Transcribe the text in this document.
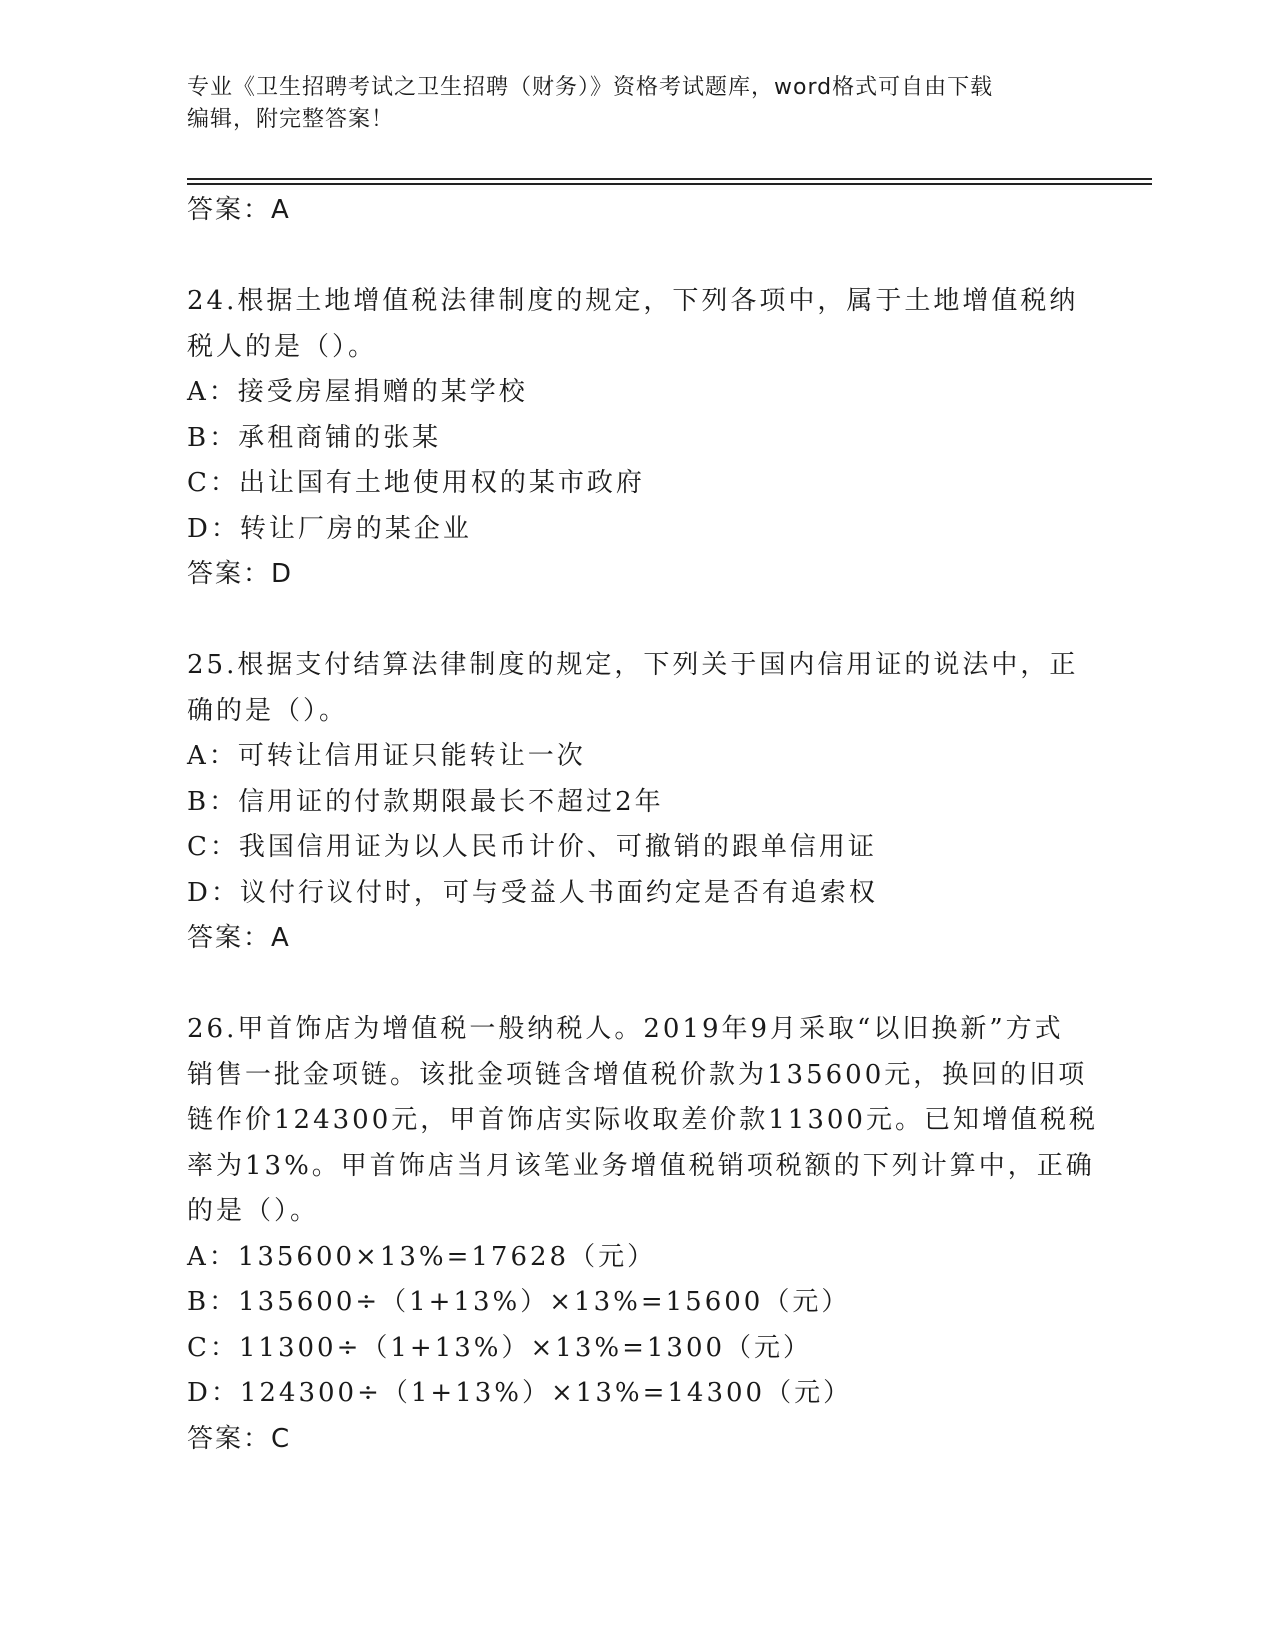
专业《卫生招聘考试之卫生招聘（财务）》资格考试题库，word格式可自由下载
编辑，附完整答案！
答案：A
24.根据土地增值税法律制度的规定，下列各项中，属于土地增值税纳
税人的是（）。
A：接受房屋捐赠的某学校
B：承租商铺的张某
C：出让国有土地使用权的某市政府
D：转让厂房的某企业
答案：D
25.根据支付结算法律制度的规定，下列关于国内信用证的说法中，正
确的是（）。
A：可转让信用证只能转让一次
B：信用证的付款期限最长不超过2年
C：我国信用证为以人民币计价、可撤销的跟单信用证
D：议付行议付时，可与受益人书面约定是否有追索权
答案：A
26.甲首饰店为增值税一般纳税人。2019年9月采取“以旧换新”方式
销售一批金项链。该批金项链含增值税价款为135600元，换回的旧项
链作价124300元，甲首饰店实际收取差价款11300元。已知增值税税
率为13%。甲首饰店当月该笔业务增值税销项税额的下列计算中，正确
的是（）。
A：135600×13%=17628（元）
B：135600÷（1+13%）×13%=15600（元）
C：11300÷（1+13%）×13%=1300（元）
D：124300÷（1+13%）×13%=14300（元）
答案：C
